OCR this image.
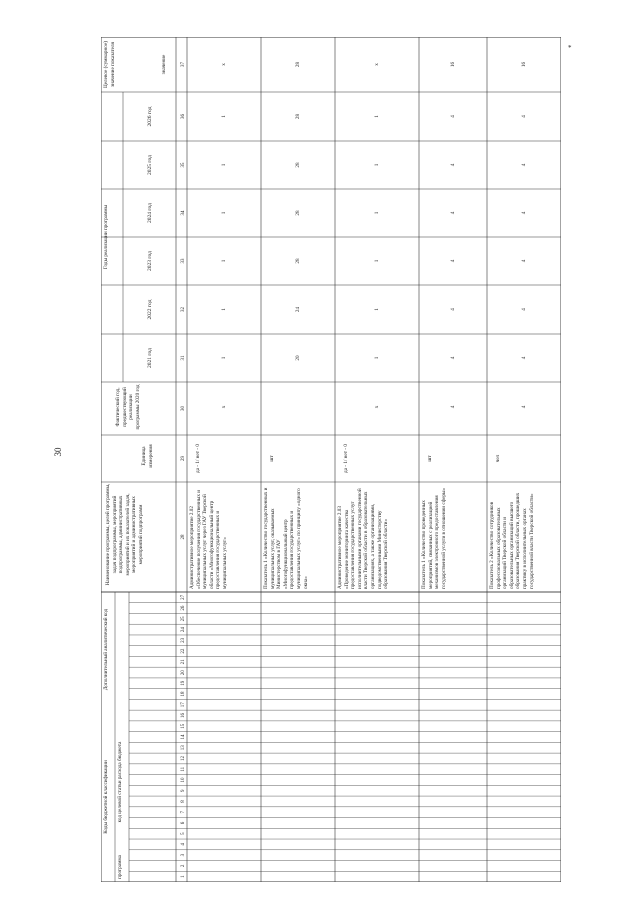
30
*
1
2
3
4
5
6
7
8
9
10
11
12
13
14
15
16
17
18
19
20
21
22
23
24
25
26
27
28
29
30
31
32
33
34
35
36
37
2021 год
2022 год
2023 год
2024 год
2025 год
2026 год
Коды бюджетной классификации код целевой статьи расхода бюджета
программа
Дополнительный аналитический код
Наименование программы, целей программы, задач подпрограммы, мероприятий подпрограммы, административных мероприятий и их показателей задач, мероприятий и административных мероприятий подпрограмм
Единица измерения
Фактический год, предшествующий реализации программы 2020 год
Годы реализации программы
Целевое (суммарное) значение показателя	значение
Административное мероприятие 2.02 «Обеспечение получения государственных и муниципальных услуг через ГАУ Тверской области «Многофункциональный центр предоставления государственных и муниципальных услуг»
да - 1/ нет - 0
х
1
1
1
1
1
1
х
Показатель 1 «Количество государственных и муниципальных услуг, оказываемых Министерством в ГАУ «Многофункциональный центр предоставления государственных и муниципальных услуг» по принципу «одного окна»
шт
20
24
28
28
28
28
28
Административное мероприятие 2.03 «Проведение мониторинга качества предоставления государственных услуг исполнительными органами государственной власти Тверской области в образовательных организациях, а также организациями, подведомственными Министерству образования Тверской области»
да - 1/ нет - 0
х
1
1
1
1
1
1
х
Показатель 1 «Количество проведенных мероприятий, связанных с реализацией механизмов электронного предоставления государственной услуги в отношении сферы»
шт
4
4
4
4
4
4
4
16
Показатель 2 «Количество сотрудников профессиональных образовательных организаций Тверской области и образовательных организаций высшего образования Тверской области, прошедших практику в исполнительных органах государственной власти Тверской области»
чел
4
4
4
4
4
4
4
16
